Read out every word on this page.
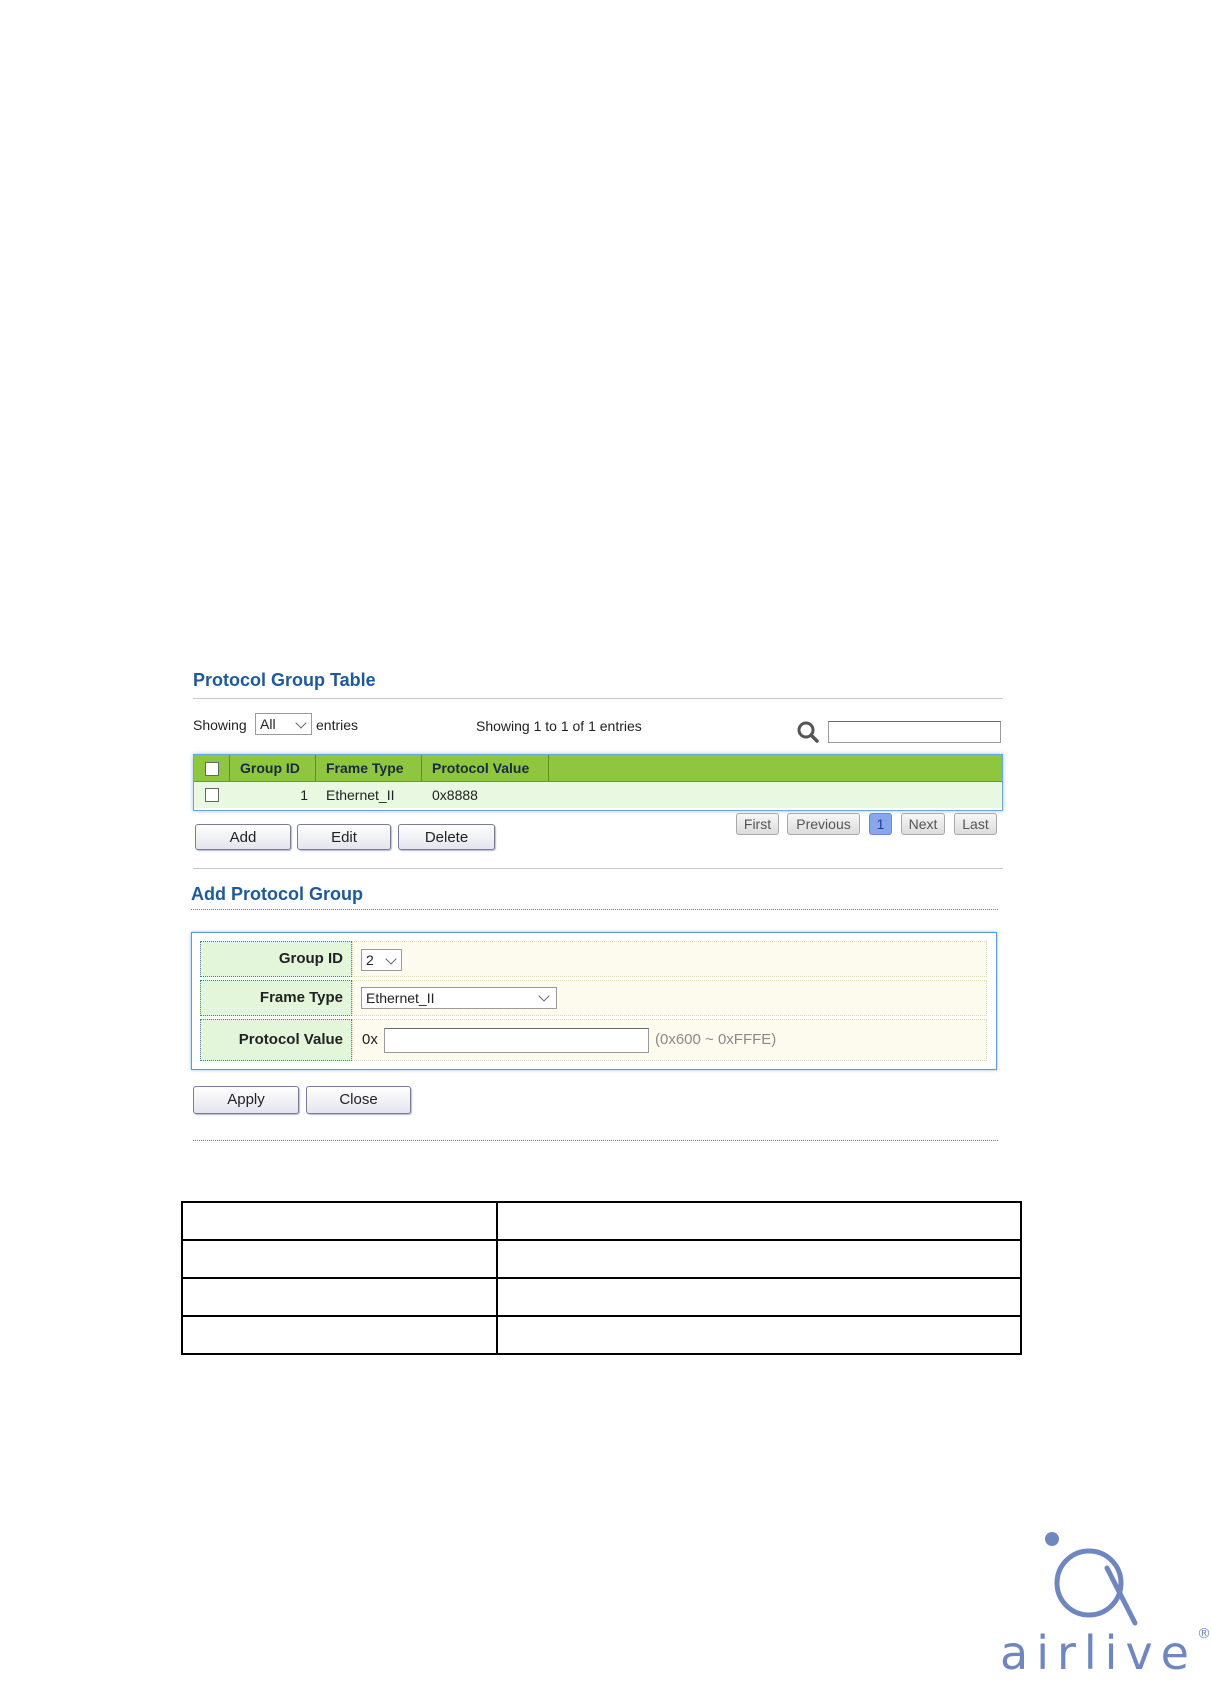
Protocol Group Table
Showing All	entries	Showing 1 to 1 of 1 entries
Group ID	Frame Type	Protocol Value
1 Ethernet_II	0x8888
Add	Edit	Delete
First	Previous	1	Next	Last
Add Protocol Group
Group ID	2
Frame Type	Ethernet_II
Protocol Value	0x	(0x600 ~ 0xFFFE)
Apply	Close

airlive®
